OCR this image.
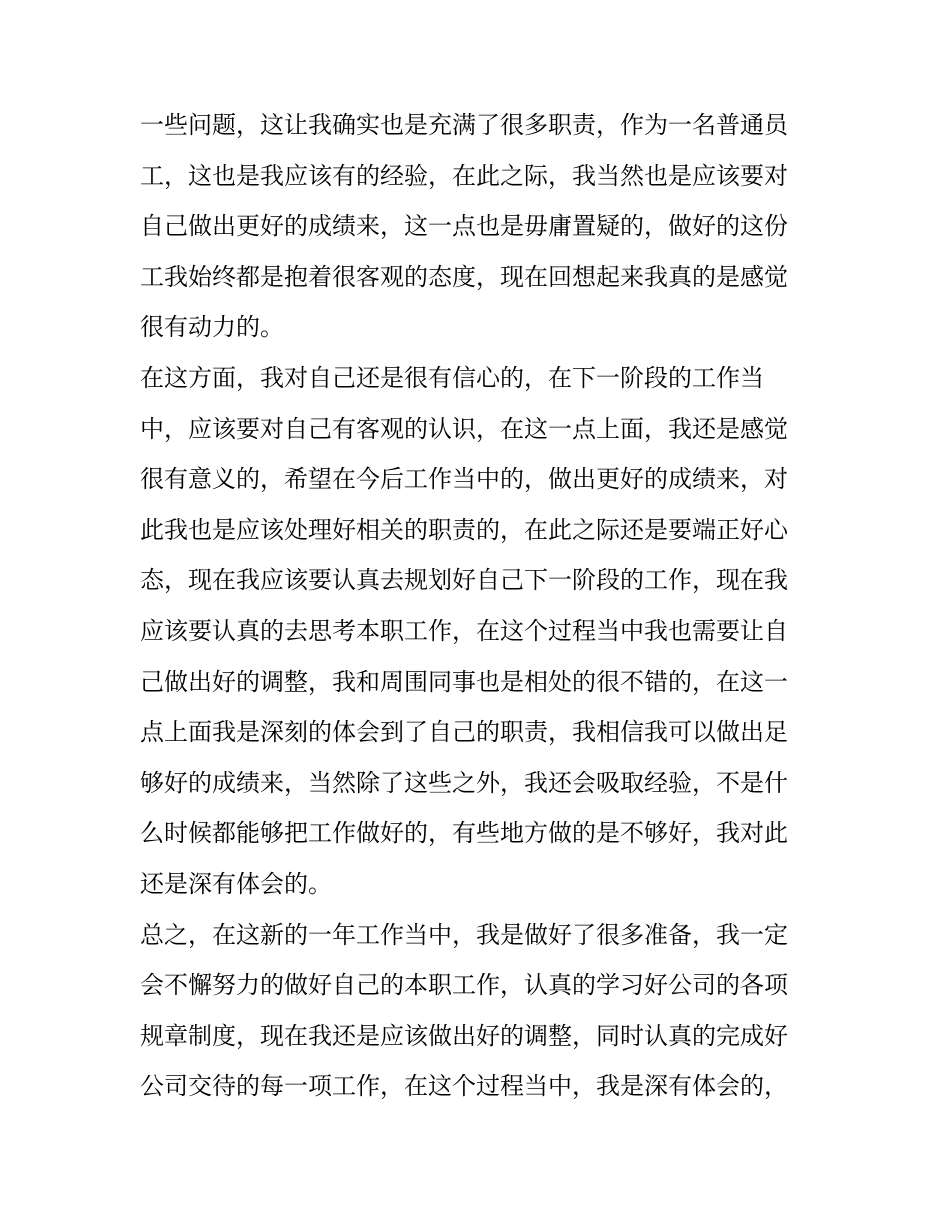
一些问题，这让我确实也是充满了很多职责，作为一名普通员
工，这也是我应该有的经验，在此之际，我当然也是应该要对
自己做出更好的成绩来，这一点也是毋庸置疑的，做好的这份
工我始终都是抱着很客观的态度，现在回想起来我真的是感觉
很有动力的。
在这方面，我对自己还是很有信心的，在下一阶段的工作当
中，应该要对自己有客观的认识，在这一点上面，我还是感觉
很有意义的，希望在今后工作当中的，做出更好的成绩来，对
此我也是应该处理好相关的职责的，在此之际还是要端正好心
态，现在我应该要认真去规划好自己下一阶段的工作，现在我
应该要认真的去思考本职工作，在这个过程当中我也需要让自
己做出好的调整，我和周围同事也是相处的很不错的，在这一
点上面我是深刻的体会到了自己的职责，我相信我可以做出足
够好的成绩来，当然除了这些之外，我还会吸取经验，不是什
么时候都能够把工作做好的，有些地方做的是不够好，我对此
还是深有体会的。
总之，在这新的一年工作当中，我是做好了很多准备，我一定
会不懈努力的做好自己的本职工作，认真的学习好公司的各项
规章制度，现在我还是应该做出好的调整，同时认真的完成好
公司交待的每一项工作，在这个过程当中，我是深有体会的，
